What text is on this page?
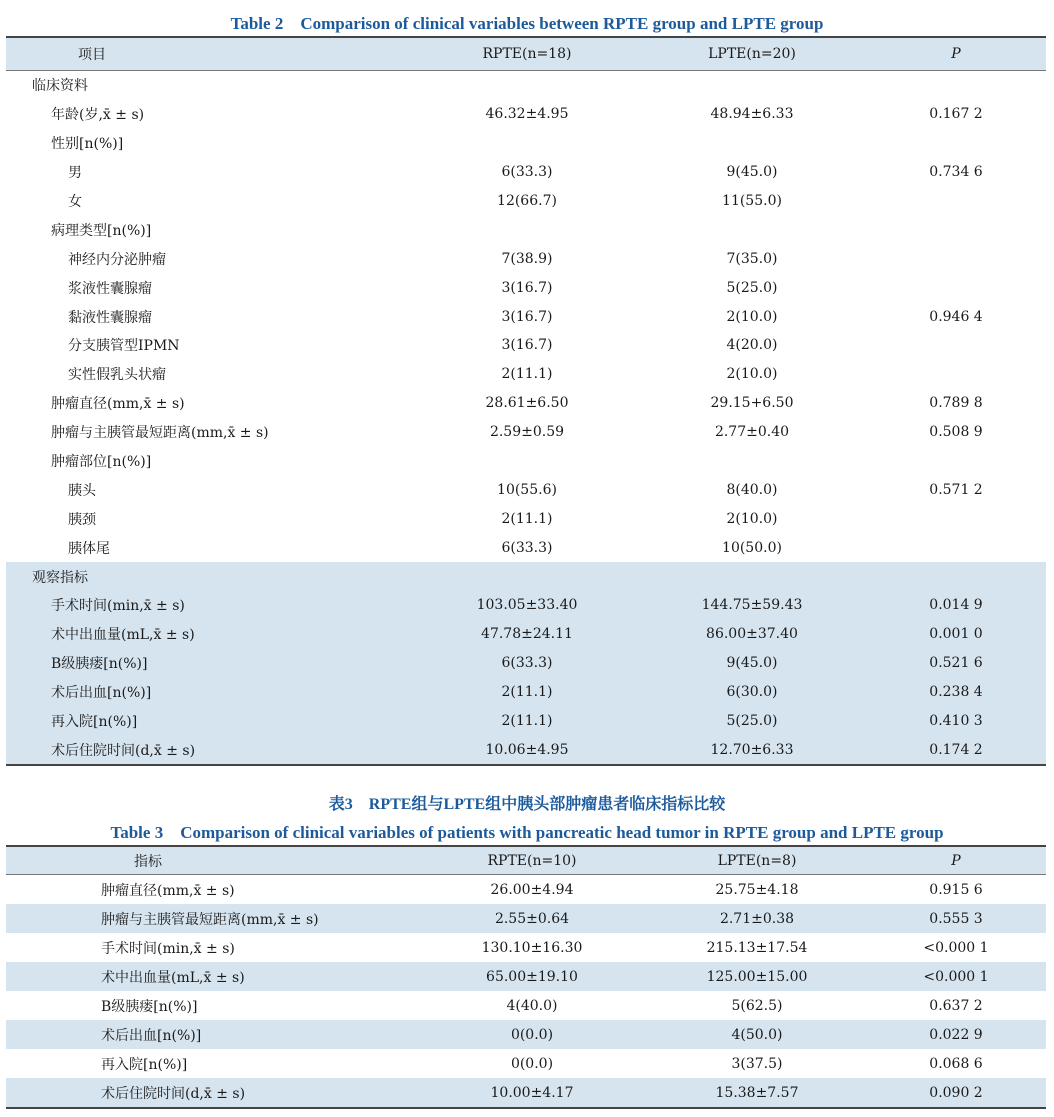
Table 2　Comparison of clinical variables between RPTE group and LPTE group
项目	RPTE(n=18)	LPTE(n=20)	P
临床资料			
年龄(岁,x̄ ± s)	46.32±4.95	48.94±6.33	0.167 2
性别[n(%)]			
男	6(33.3)	9(45.0)	0.734 6
女	12(66.7)	11(55.0)	
病理类型[n(%)]			
神经内分泌肿瘤	7(38.9)	7(35.0)	
浆液性囊腺瘤	3(16.7)	5(25.0)	
黏液性囊腺瘤	3(16.7)	2(10.0)	0.946 4
分支胰管型IPMN	3(16.7)	4(20.0)	
实性假乳头状瘤	2(11.1)	2(10.0)	
肿瘤直径(mm,x̄ ± s)	28.61±6.50	29.15+6.50	0.789 8
肿瘤与主胰管最短距离(mm,x̄ ± s)	2.59±0.59	2.77±0.40	0.508 9
肿瘤部位[n(%)]			
胰头	10(55.6)	8(40.0)	0.571 2
胰颈	2(11.1)	2(10.0)	
胰体尾	6(33.3)	10(50.0)	
观察指标			
手术时间(min,x̄ ± s)	103.05±33.40	144.75±59.43	0.014 9
术中出血量(mL,x̄ ± s)	47.78±24.11	86.00±37.40	0.001 0
B级胰瘘[n(%)]	6(33.3)	9(45.0)	0.521 6
术后出血[n(%)]	2(11.1)	6(30.0)	0.238 4
再入院[n(%)]	2(11.1)	5(25.0)	0.410 3
术后住院时间(d,x̄ ± s)	10.06±4.95	12.70±6.33	0.174 2
表3　RPTE组与LPTE组中胰头部肿瘤患者临床指标比较
Table 3　Comparison of clinical variables of patients with pancreatic head tumor in RPTE group and LPTE group
指标	RPTE(n=10)	LPTE(n=8)	P
肿瘤直径(mm,x̄ ± s)	26.00±4.94	25.75±4.18	0.915 6
肿瘤与主胰管最短距离(mm,x̄ ± s)	2.55±0.64	2.71±0.38	0.555 3
手术时间(min,x̄ ± s)	130.10±16.30	215.13±17.54	<0.000 1
术中出血量(mL,x̄ ± s)	65.00±19.10	125.00±15.00	<0.000 1
B级胰瘘[n(%)]	4(40.0)	5(62.5)	0.637 2
术后出血[n(%)]	0(0.0)	4(50.0)	0.022 9
再入院[n(%)]	0(0.0)	3(37.5)	0.068 6
术后住院时间(d,x̄ ± s)	10.00±4.17	15.38±7.57	0.090 2
